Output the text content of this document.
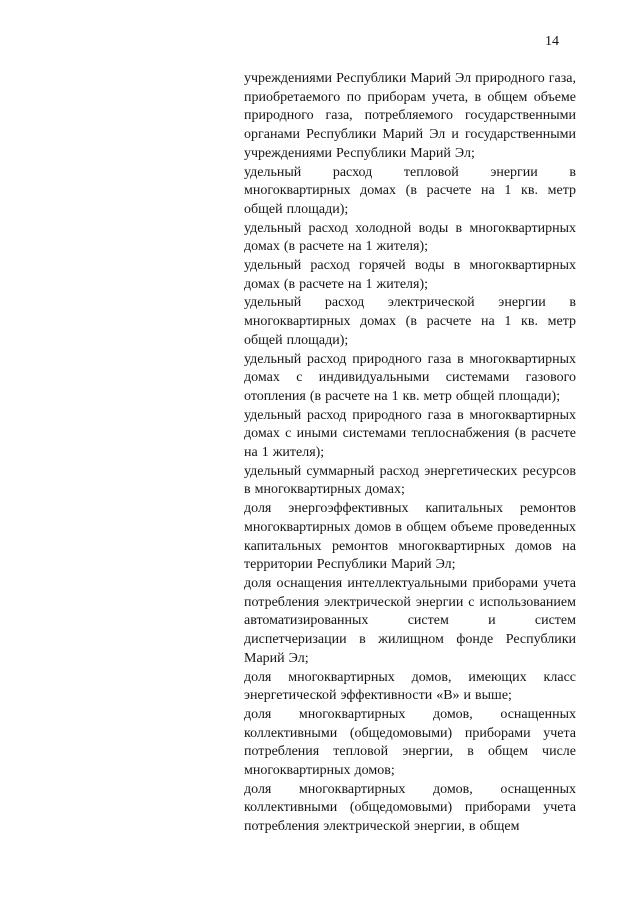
14

учреждениями Республики Марий Эл природного газа, приобретаемого по приборам учета, в общем объеме природного газа, потребляемого государственными органами Республики Марий Эл и государственными учреждениями Республики Марий Эл;

удельный расход тепловой энергии в многоквартирных домах (в расчете на 1 кв. метр общей площади);

удельный расход холодной воды в многоквартирных домах (в расчете на 1 жителя);

удельный расход горячей воды в многоквартирных домах (в расчете на 1 жителя);

удельный расход электрической энергии в многоквартирных домах (в расчете на 1 кв. метр общей площади);

удельный расход природного газа в многоквартирных домах с индивидуальными системами газового отопления (в расчете на 1 кв. метр общей площади);

удельный расход природного газа в многоквартирных домах с иными системами теплоснабжения (в расчете на 1 жителя);

удельный суммарный расход энергетических ресурсов в многоквартирных домах;

доля энергоэффективных капитальных ремонтов многоквартирных домов в общем объеме проведенных капитальных ремонтов многоквартирных домов на территории Республики Марий Эл;

доля оснащения интеллектуальными приборами учета потребления электрической энергии с использованием автоматизированных систем и систем диспетчеризации в жилищном фонде Республики Марий Эл;

доля многоквартирных домов, имеющих класс энергетической эффективности «В» и выше;

доля многоквартирных домов, оснащенных коллективными (общедомовыми) приборами учета потребления тепловой энергии, в общем числе многоквартирных домов;

доля многоквартирных домов, оснащенных коллективными (общедомовыми) приборами учета потребления электрической энергии, в общем
